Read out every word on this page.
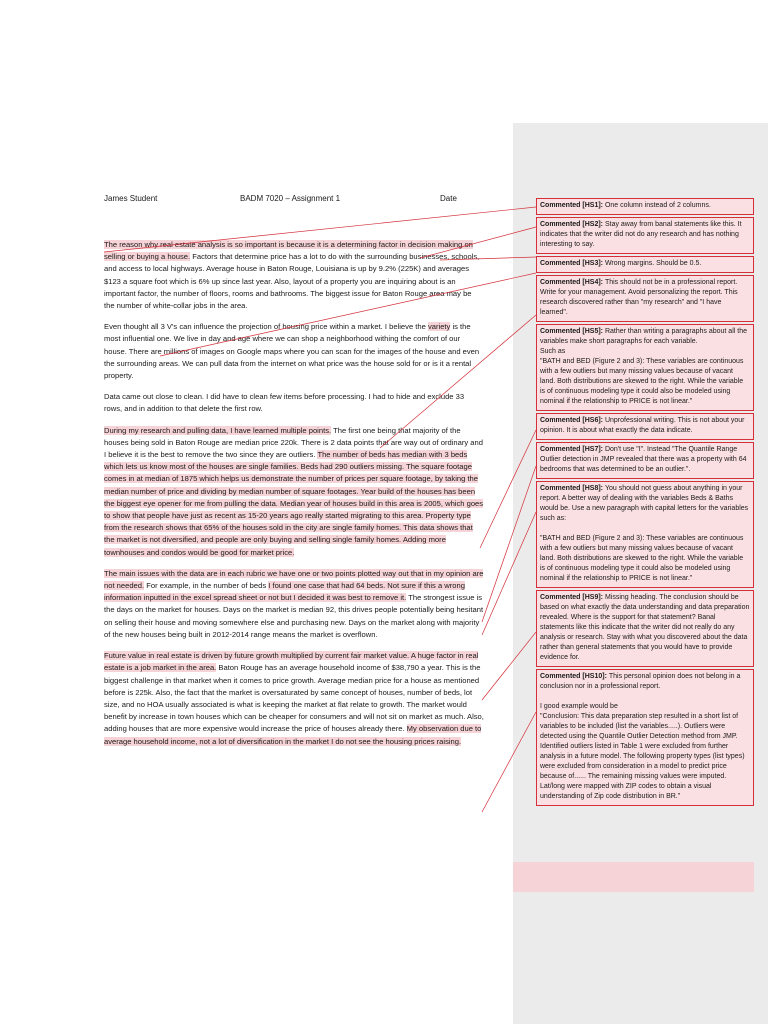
James Student	BADM 7020 – Assignment 1	Date

The reason why real estate analysis is so important is because it is a determining factor in decision making on selling or buying a house. Factors that determine price has a lot to do with the surrounding businesses, schools, and access to local highways. Average house in Baton Rouge, Louisiana is up by 9.2% (225K) and averages $123 a square foot which is 6% up since last year. Also, layout of a property you are inquiring about is an important factor, the number of floors, rooms and bathrooms. The biggest issue for Baton Rouge area may be the number of white-collar jobs in the area.

Even thought all 3 V's can influence the projection of housing price within a market. I believe the variety is the most influential one. We live in day and age where we can shop a neighborhood withing the comfort of our house. There are millions of images on Google maps where you can scan for the images of the house and even the surrounding areas. We can pull data from the internet on what price was the house sold for or is it a rental property.

Data came out close to clean. I did have to clean few items before processing. I had to hide and exclude 33 rows, and in addition to that delete the first row.

During my research and pulling data, I have learned multiple points. The first one being that majority of the houses being sold in Baton Rouge are median price 220k. There is 2 data points that are way out of ordinary and I believe it is the best to remove the two since they are outliers. The number of beds has median with 3 beds which lets us know most of the houses are single families. Beds had 290 outliers missing. The square footage comes in at median of 1875 which helps us demonstrate the number of prices per square footage, by taking the median number of price and dividing by median number of square footages. Year build of the houses has been the biggest eye opener for me from pulling the data. Median year of houses build in this area is 2005, which goes to show that people have just as recent as 15-20 years ago really started migrating to this area. Property type from the research shows that 65% of the houses sold in the city are single family homes. This data shows that the market is not diversified, and people are only buying and selling single family homes. Adding more townhouses and condos would be good for market price.

The main issues with the data are in each rubric we have one or two points plotted way out that in my opinion are not needed. For example, in the number of beds I found one case that had 64 beds. Not sure if this a wrong information inputted in the excel spread sheet or not but I decided it was best to remove it. The strongest issue is the days on the market for houses. Days on the market is median 92, this drives people potentially being hesitant on selling their house and moving somewhere else and purchasing new. Days on the market along with majority of the new houses being built in 2012-2014 range means the market is overflown.

Future value in real estate is driven by future growth multiplied by current fair market value. A huge factor in real estate is a job market in the area. Baton Rouge has an average household income of $38,790 a year. This is the biggest challenge in that market when it comes to price growth. Average median price for a house as mentioned before is 225k. Also, the fact that the market is oversaturated by same concept of houses, number of beds, lot size, and no HOA usually associated is what is keeping the market at flat relate to growth. The market would benefit by increase in town houses which can be cheaper for consumers and will not sit on market as much. Also, adding houses that are more expensive would increase the price of houses already there. My observation due to average household income, not a lot of diversification in the market I do not see the housing prices raising.

Commented [HS1]: One column instead of 2 columns.
Commented [HS2]: Stay away from banal statements like this. It indicates that the writer did not do any research and has nothing interesting to say.
Commented [HS3]: Wrong margins. Should be 0.5.
Commented [HS4]: This should not be in a professional report. Write for your management. Avoid personalizing the report. This research discovered rather than "my research" and "I have learned".
Commented [HS5]: Rather than writing a paragraphs about all the variables make short paragraphs for each variable.
Such as
"BATH and BED (Figure 2 and 3): These variables are continuous with a few outliers but many missing values because of vacant land. Both distributions are skewed to the right. While the variable is of continuous modeling type it could also be modeled using nominal if the relationship to PRICE is not linear."
Commented [HS6]: Unprofessional writing. This is not about your opinion. It is about what exactly the data indicate.
Commented [HS7]: Don't use "I". Instead "The Quantile Range Outlier detection in JMP revealed that there was a property with 64 bedrooms that was determined to be an outlier.".
Commented [HS8]: You should not guess about anything in your report. A better way of dealing with the variables Beds & Baths would be. Use a new paragraph with capital letters for the variables such as:

"BATH and BED (Figure 2 and 3): These variables are continuous with a few outliers but many missing values because of vacant land. Both distributions are skewed to the right. While the variable is of continuous modeling type it could also be modeled using nominal if the relationship to PRICE is not linear."
Commented [HS9]: Missing heading. The conclusion should be based on what exactly the data understanding and data preparation revealed. Where is the support for that statement? Banal statements like this indicate that the writer did not really do any analysis or research. Stay with what you discovered about the data rather than general statements that you would have to provide evidence for.
Commented [HS10]: This personal opinion does not belong in a conclusion nor in a professional report.

I good example would be
"Conclusion: This data preparation step resulted in a short list of variables to be included (list the variables.....). Outliers were detected using the Quantile Outlier Detection method from JMP. Identified outliers listed in Table 1 were excluded from further analysis in a future model. The following property types (list types) were excluded from consideration in a model to predict price because of...... The remaining missing values were imputed. Lat/long were mapped with ZIP codes to obtain a visual understanding of Zip code distribution in BR."
